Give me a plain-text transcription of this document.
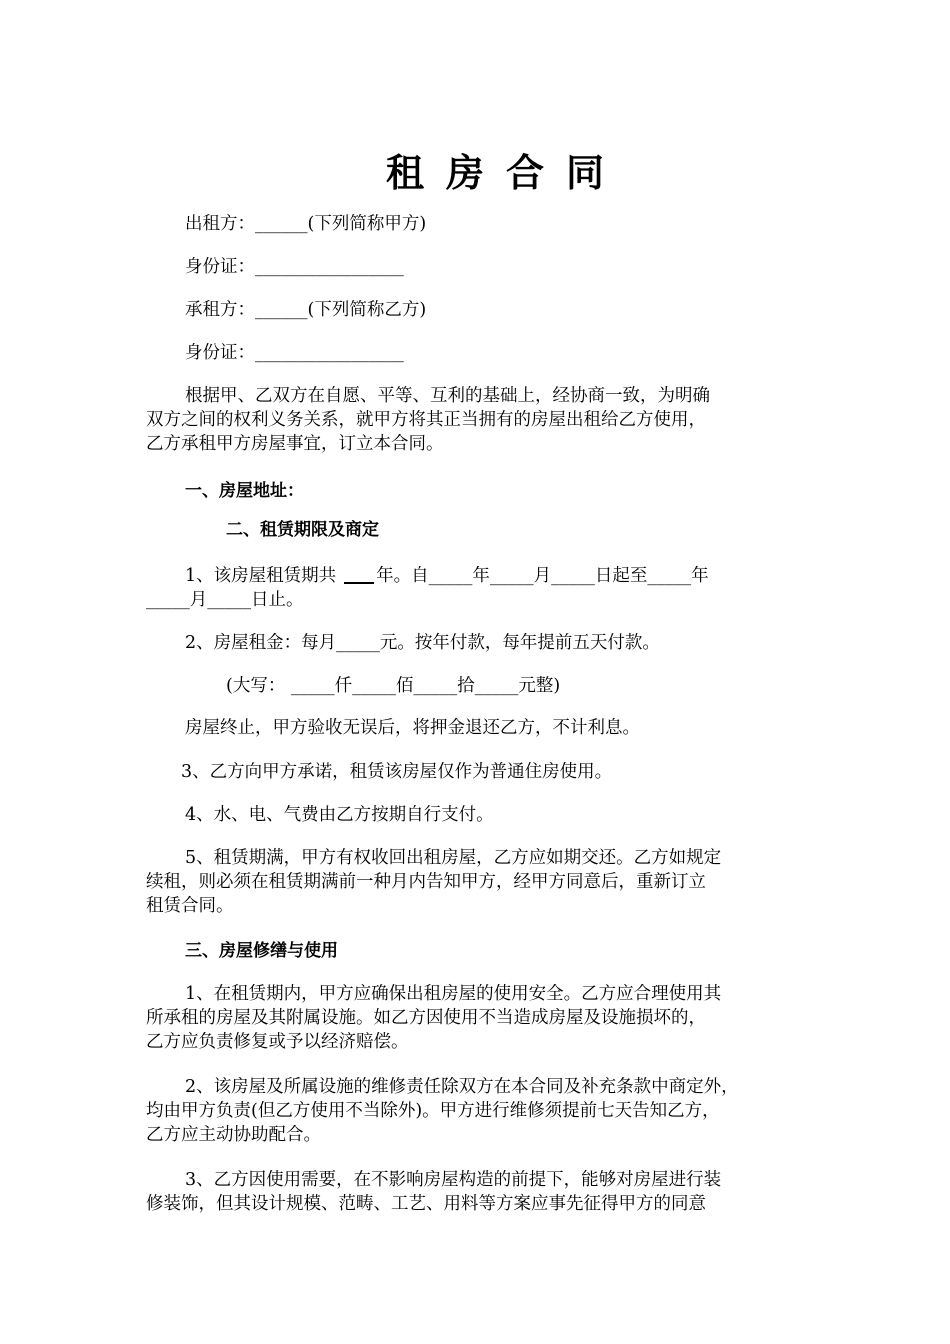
租 房 合 同
出租方：______(下列简称甲方)
身份证：_________________
承租方：______(下列简称乙方)
身份证：_________________
根据甲、乙双方在自愿、平等、互利的基础上，经协商一致，为明确
双方之间的权利义务关系，就甲方将其正当拥有的房屋出租给乙方使用，
乙方承租甲方房屋事宜，订立本合同。
一、房屋地址：
二、租赁期限及商定
1、该房屋租赁期共 年。自_____年_____月_____日起至_____年
_____月_____日止。
2、房屋租金：每月_____元。按年付款，每年提前五天付款。
(大写： _____仟_____佰_____拾_____元整)
房屋终止，甲方验收无误后，将押金退还乙方，不计利息。
3、乙方向甲方承诺，租赁该房屋仅作为普通住房使用。
4、水、电、气费由乙方按期自行支付。
5、租赁期满，甲方有权收回出租房屋，乙方应如期交还。乙方如规定
续租，则必须在租赁期满前一种月内告知甲方，经甲方同意后，重新订立
租赁合同。
三、房屋修缮与使用
1、在租赁期内，甲方应确保出租房屋的使用安全。乙方应合理使用其
所承租的房屋及其附属设施。如乙方因使用不当造成房屋及设施损坏的，
乙方应负责修复或予以经济赔偿。
2、该房屋及所属设施的维修责任除双方在本合同及补充条款中商定外，
均由甲方负责(但乙方使用不当除外)。甲方进行维修须提前七天告知乙方，
乙方应主动协助配合。
3、乙方因使用需要，在不影响房屋构造的前提下，能够对房屋进行装
修装饰，但其设计规模、范畴、工艺、用料等方案应事先征得甲方的同意
